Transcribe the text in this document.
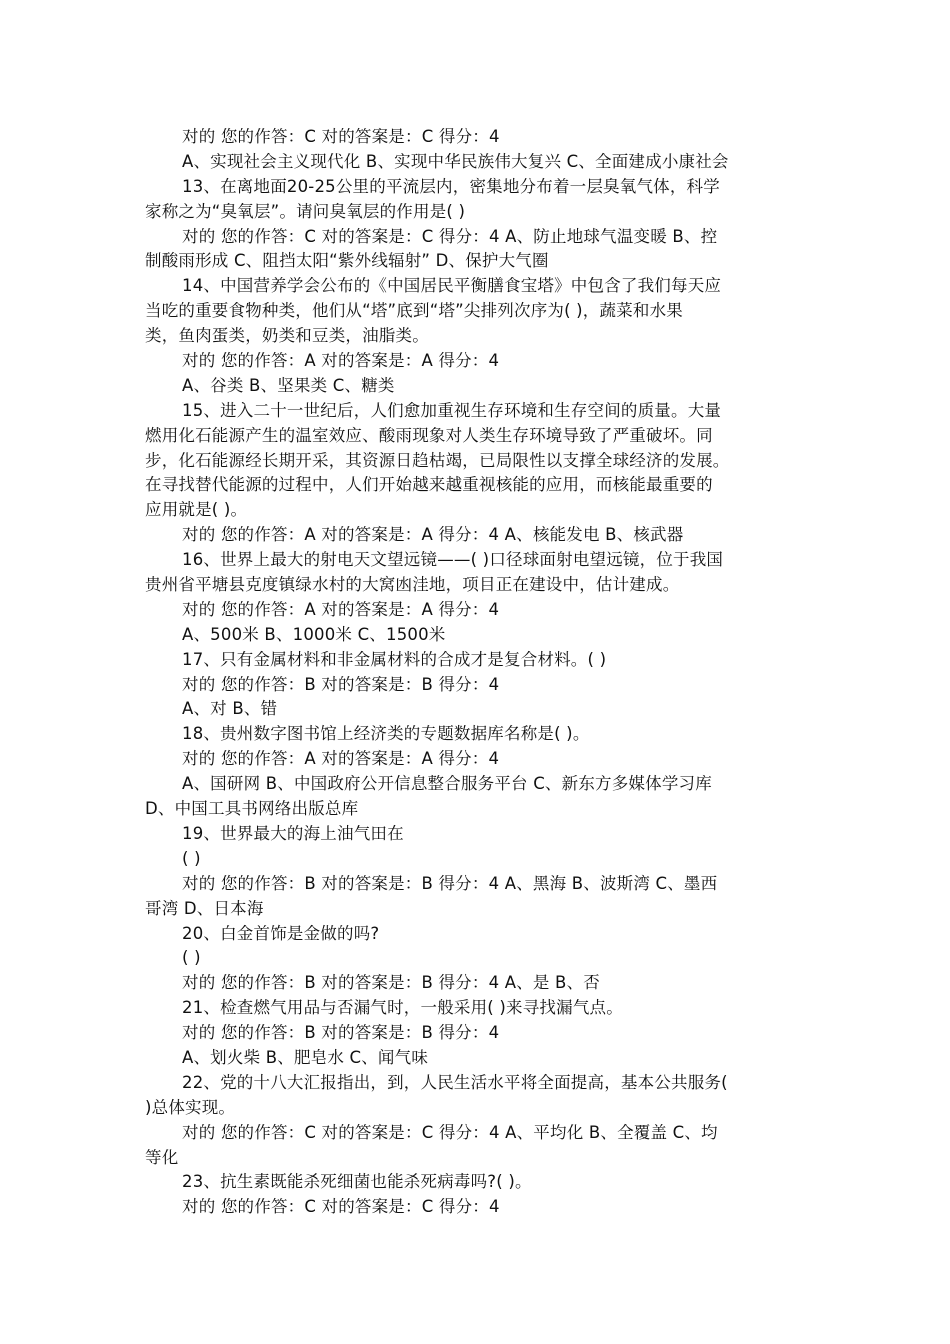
对的 您的作答：C 对的答案是：C 得分：4
A、实现社会主义现代化 B、实现中华民族伟大复兴 C、全面建成小康社会
13、在离地面20-25公里的平流层内，密集地分布着一层臭氧气体，科学
家称之为“臭氧层”。请问臭氧层的作用是( )
对的 您的作答：C 对的答案是：C 得分：4 A、防止地球气温变暖 B、控
制酸雨形成 C、阻挡太阳“紫外线辐射” D、保护大气圈
14、中国营养学会公布的《中国居民平衡膳食宝塔》中包含了我们每天应
当吃的重要食物种类，他们从“塔”底到“塔”尖排列次序为( )，蔬菜和水果
类，鱼肉蛋类，奶类和豆类，油脂类。
对的 您的作答：A 对的答案是：A 得分：4
A、谷类 B、坚果类 C、糖类
15、进入二十一世纪后，人们愈加重视生存环境和生存空间的质量。大量
燃用化石能源产生的温室效应、酸雨现象对人类生存环境导致了严重破坏。同
步，化石能源经长期开采，其资源日趋枯竭，已局限性以支撑全球经济的发展。
在寻找替代能源的过程中，人们开始越来越重视核能的应用，而核能最重要的
应用就是( )。
对的 您的作答：A 对的答案是：A 得分：4 A、核能发电 B、核武器
16、世界上最大的射电天文望远镜——( )口径球面射电望远镜，位于我国
贵州省平塘县克度镇绿水村的大窝凼洼地，项目正在建设中，估计建成。
对的 您的作答：A 对的答案是：A 得分：4
A、500米 B、1000米 C、1500米
17、只有金属材料和非金属材料的合成才是复合材料。( )
对的 您的作答：B 对的答案是：B 得分：4
A、对 B、错
18、贵州数字图书馆上经济类的专题数据库名称是( )。
对的 您的作答：A 对的答案是：A 得分：4
A、国研网 B、中国政府公开信息整合服务平台 C、新东方多媒体学习库
D、中国工具书网络出版总库
19、世界最大的海上油气田在
( )
对的 您的作答：B 对的答案是：B 得分：4 A、黑海 B、波斯湾 C、墨西
哥湾 D、日本海
20、白金首饰是金做的吗?
( )
对的 您的作答：B 对的答案是：B 得分：4 A、是 B、否
21、检查燃气用品与否漏气时，一般采用( )来寻找漏气点。
对的 您的作答：B 对的答案是：B 得分：4
A、划火柴 B、肥皂水 C、闻气味
22、党的十八大汇报指出，到，人民生活水平将全面提高，基本公共服务(
)总体实现。
对的 您的作答：C 对的答案是：C 得分：4 A、平均化 B、全覆盖 C、均
等化
23、抗生素既能杀死细菌也能杀死病毒吗?( )。
对的 您的作答：C 对的答案是：C 得分：4
